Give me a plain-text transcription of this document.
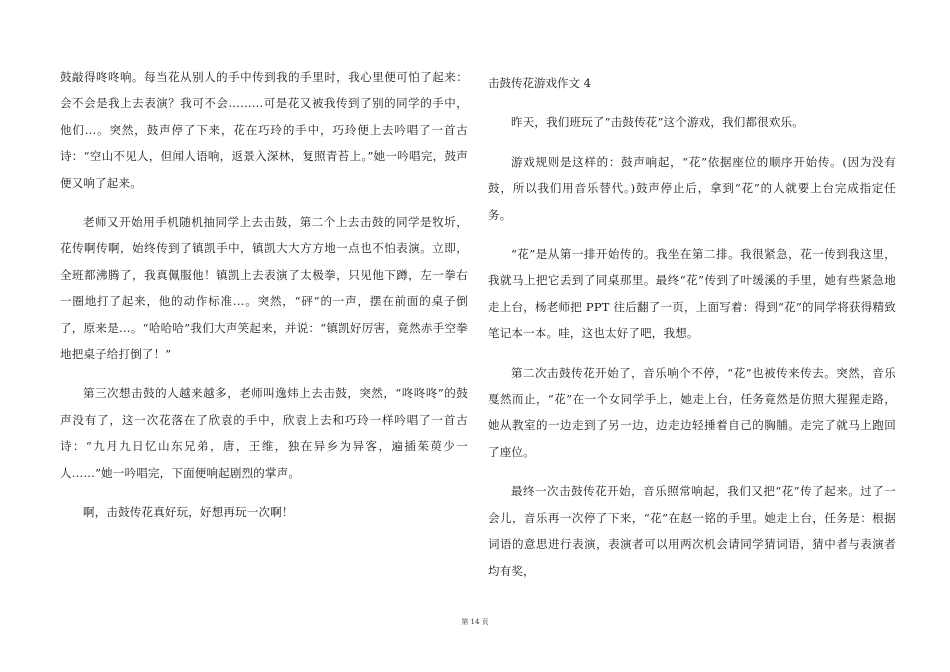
鼓敲得咚咚响。每当花从别人的手中传到我的手里时，我心里便可怕了起来：会不会是我上去表演？我可不会………可是花又被我传到了别的同学的手中，他们…。突然，鼓声停了下来，花在巧玲的手中，巧玲便上去吟唱了一首古诗：“空山不见人，但闻人语响，返景入深林，复照青苔上。”她一吟唱完，鼓声便又响了起来。

老师又开始用手机随机抽同学上去击鼓，第二个上去击鼓的同学是牧圻，花传啊传啊，始终传到了镇凯手中，镇凯大大方方地一点也不怕表演。立即，全班都沸腾了，我真佩服他！镇凯上去表演了太极拳，只见他下蹲，左一拳右一圈地打了起来，他的动作标准…。突然，“砰”的一声，摆在前面的桌子倒了，原来是…。“哈哈哈”我们大声笑起来，并说：“镇凯好厉害，竟然赤手空拳地把桌子给打倒了！”

第三次想击鼓的人越来越多，老师叫逸炜上去击鼓，突然，“咚咚咚”的鼓声没有了，这一次花落在了欣袁的手中，欣袁上去和巧玲一样吟唱了一首古诗：“九月九日忆山东兄弟，唐，王维，独在异乡为异客，遍插茱萸少一人……”她一吟唱完，下面便响起剧烈的掌声。

啊，击鼓传花真好玩，好想再玩一次啊！

击鼓传花游戏作文 4

昨天，我们班玩了“击鼓传花”这个游戏，我们都很欢乐。

游戏规则是这样的：鼓声响起，“花”依据座位的顺序开始传。(因为没有鼓，所以我们用音乐替代。)鼓声停止后，拿到“花”的人就要上台完成指定任务。

“花”是从第一排开始传的。我坐在第二排。我很紧急，花一传到我这里，我就马上把它丢到了同桌那里。最终“花”传到了叶缓溪的手里，她有些紧急地走上台，杨老师把 PPT 往后翻了一页，上面写着：得到“花”的同学将获得精致笔记本一本。哇，这也太好了吧，我想。

第二次击鼓传花开始了，音乐响个不停，“花”也被传来传去。突然，音乐戛然而止，“花”在一个女同学手上，她走上台，任务竟然是仿照大猩猩走路，她从教室的一边走到了另一边，边走边轻捶着自己的胸脯。走完了就马上跑回了座位。

最终一次击鼓传花开始，音乐照常响起，我们又把“花”传了起来。过了一会儿，音乐再一次停了下来，“花”在赵一铭的手里。她走上台，任务是：根据词语的意思进行表演，表演者可以用两次机会请同学猜词语，猜中者与表演者均有奖，

第 14 页
